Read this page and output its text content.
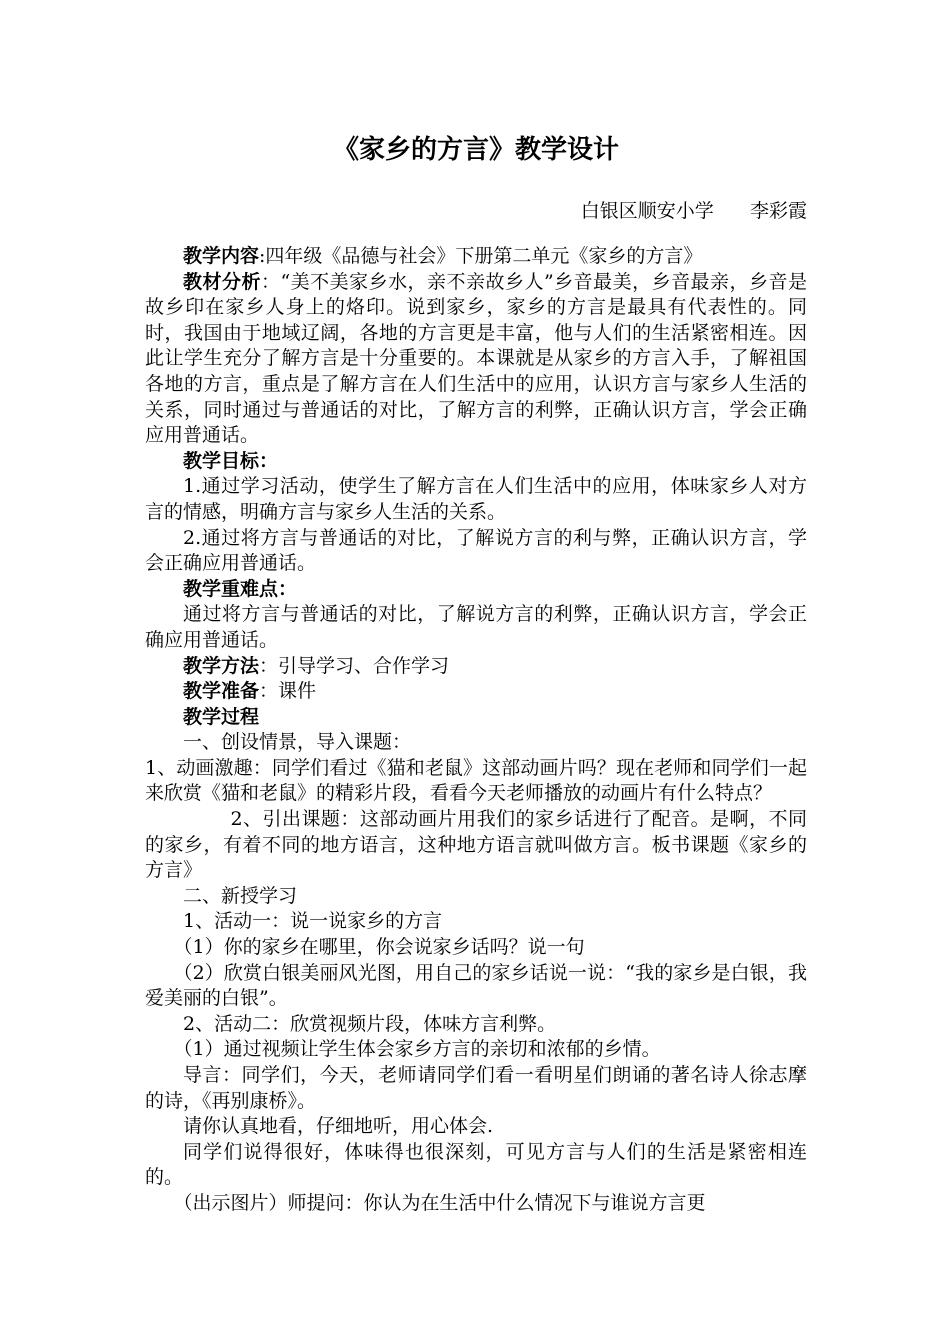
《家乡的方言》教学设计
白银区顺安小学      李彩霞

教学内容:四年级《品德与社会》下册第二单元《家乡的方言》

教材分析：“美不美家乡水，亲不亲故乡人”乡音最美，乡音最亲，乡音是故乡印在家乡人身上的烙印。说到家乡，家乡的方言是最具有代表性的。同时，我国由于地域辽阔，各地的方言更是丰富，他与人们的生活紧密相连。因此让学生充分了解方言是十分重要的。本课就是从家乡的方言入手，了解祖国各地的方言，重点是了解方言在人们生活中的应用，认识方言与家乡人生活的关系，同时通过与普通话的对比，了解方言的利弊，正确认识方言，学会正确应用普通话。

教学目标：

1.通过学习活动，使学生了解方言在人们生活中的应用，体味家乡人对方言的情感，明确方言与家乡人生活的关系。

2.通过将方言与普通话的对比，了解说方言的利与弊，正确认识方言，学会正确应用普通话。

教学重难点：

通过将方言与普通话的对比，了解说方言的利弊，正确认识方言，学会正确应用普通话。

教学方法：引导学习、合作学习

教学准备：课件

教学过程

一、创设情景，导入课题：

1、动画激趣：同学们看过《猫和老鼠》这部动画片吗？现在老师和同学们一起来欣赏《猫和老鼠》的精彩片段，看看今天老师播放的动画片有什么特点？

2、引出课题：这部动画片用我们的家乡话进行了配音。是啊，不同的家乡，有着不同的地方语言，这种地方语言就叫做方言。板书课题《家乡的方言》

二、新授学习

1、活动一：说一说家乡的方言

（1）你的家乡在哪里，你会说家乡话吗？说一句

（2）欣赏白银美丽风光图，用自己的家乡话说一说：“我的家乡是白银，我爱美丽的白银”。

2、活动二：欣赏视频片段，体味方言利弊。

（1）通过视频让学生体会家乡方言的亲切和浓郁的乡情。

导言：同学们，今天，老师请同学们看一看明星们朗诵的著名诗人徐志摩的诗，《再别康桥》。

请你认真地看，仔细地听，用心体会.

同学们说得很好，体味得也很深刻，可见方言与人们的生活是紧密相连的。

（出示图片）师提问：你认为在生活中什么情况下与谁说方言更
